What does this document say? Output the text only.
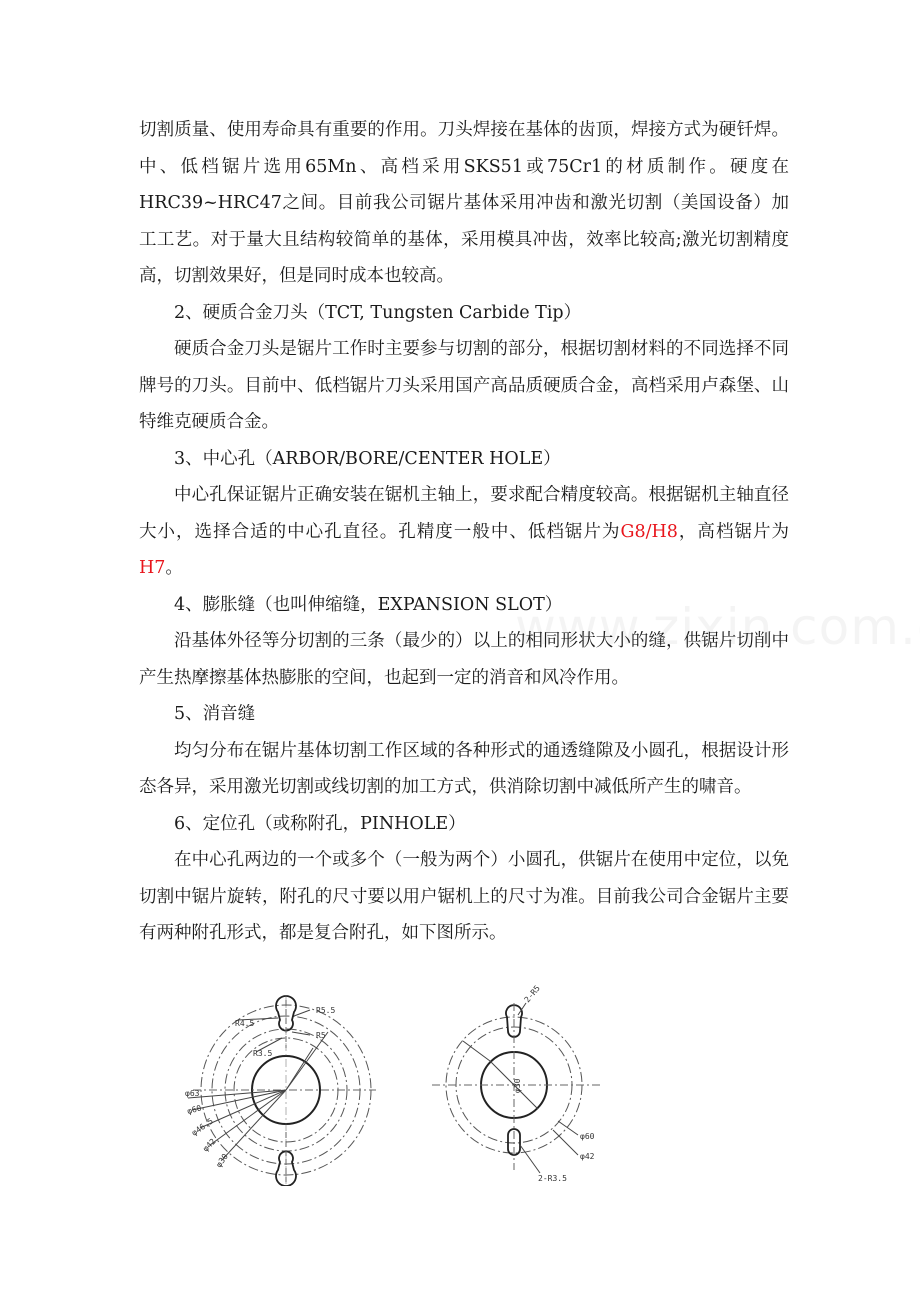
切割质量、使用寿命具有重要的作用。刀头焊接在基体的齿顶，焊接方式为硬钎焊。中、低档锯片选用65Mn、高档采用SKS51或75Cr1的材质制作。硬度在HRC39~HRC47之间。目前我公司锯片基体采用冲齿和激光切割（美国设备）加工工艺。对于量大且结构较简单的基体，采用模具冲齿，效率比较高;激光切割精度高，切割效果好，但是同时成本也较高。

2、硬质合金刀头（TCT, Tungsten Carbide Tip）

硬质合金刀头是锯片工作时主要参与切割的部分，根据切割材料的不同选择不同牌号的刀头。目前中、低档锯片刀头采用国产高品质硬质合金，高档采用卢森堡、山特维克硬质合金。

3、中心孔（ARBOR/BORE/CENTER HOLE）

中心孔保证锯片正确安装在锯机主轴上，要求配合精度较高。根据锯机主轴直径大小，选择合适的中心孔直径。孔精度一般中、低档锯片为G8/H8，高档锯片为H7。

4、膨胀缝（也叫伸缩缝，EXPANSION SLOT）

沿基体外径等分切割的三条（最少的）以上的相同形状大小的缝，供锯片切削中产生热摩擦基体热膨胀的空间，也起到一定的消音和风冷作用。

5、消音缝

均匀分布在锯片基体切割工作区域的各种形式的通透缝隙及小圆孔，根据设计形态各异，采用激光切割或线切割的加工方式，供消除切割中减低所产生的啸音。

6、定位孔（或称附孔，PINHOLE）

在中心孔两边的一个或多个（一般为两个）小圆孔，供锯片在使用中定位，以免切割中锯片旋转，附孔的尺寸要以用户锯机上的尺寸为准。目前我公司合金锯片主要有两种附孔形式，都是复合附孔，如下图所示。

R5.5
R4.5
R5
R3.5
φ63
φ60
φ46.5
φ42
φ30
2-R5
φ30
φ60
φ42
2-R3.5
